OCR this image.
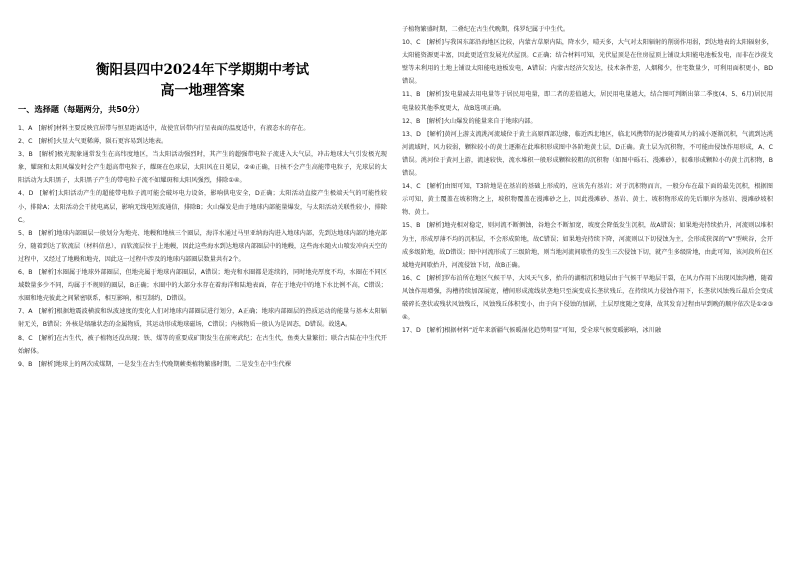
衡阳县四中2024年下学期期中考试
高一地理答案
一、选择题（每题两分，共50分）

1、A　[解析]材料主要反映宜居带与恒星距离适中，故使宜居带内行星表面的温度适中，有液态水的存在。

2、C　[解析]火星大气更稀薄，陨石更容易到达地表。

3、B　[解析]极光现象通常发生在高纬度地区，当太阳活动强烈时，其产生的超强带电粒子流进入大气层，冲击地球大气引发极光现象，耀斑和太阳风爆发时会产生超高带电粒子，耀斑在色球层，太阳风在日冕层，②④正确，日核不会产生高能带电粒子，光球层的太阳活动为太阳黑子，太阳黑子产生的带电粒子流不如耀斑和太阳风强烈，排除①④。

4、D　[解析]太阳活动产生的超能带电粒子流可能会破坏电力设备，影响供电安全，D正确；太阳活动直接产生极端天气的可能性较小，排除A；太阳活动会干扰电离层，影响无线电短波通信，排除B；火山爆发是由于地球内部能量爆发，与太阳活动关联性较小，排除C。

5、B　[解析]地球内部圈层一般划分为地壳、地幔和地核三个圈层，海洋水通过马里亚纳海沟进入地球内部，先到达地球内部的地壳部分，随着到达了软流层（材料信息），而软流层位于上地幔，因此这些海水到达地球内部圈层中的地幔，这些海水随火山喷发冲向天空的过程中，又经过了地幔和地壳，因此这一过程中涉及的地球内部圈层数量共有2个。

6、B　[解析]水圈属于地球外部圈层，但地壳属于地球内部圈层，A错误；地壳和水圈都是连续的，同时地壳厚度不均，水圈在不同区域数量多少不同，均属于不规则的圈层，B正确；水圈中的大部分水存在着海洋和陆地表面，存在于地壳中的地下水比例不高，C错误；水圈和地壳彼此之间紧密联系，相互影响，相互制约，D错误。

7、A　[解析]根据地震波横波和纵波速度的变化人们对地球内部圈层进行划分，A正确；地球内部圈层的热质运动的能量与基本太阳辐射无关，B错误；外核是熔融状态的金属物质，其运动形成地球磁场，C错误；内核物质一般认为是固态，D错误。故选A。

8、C　[解析]在古生代，被子植物还没出现；铁、煤等的重要成矿期发生在前寒武纪；在古生代，鱼类大量繁衍；联合古陆在中生代开始解体。

9、B　[解析]地球上的两次成煤期，一是发生在古生代晚期蕨类植物繁盛时期，二是发生在中生代裸

子植物繁盛时期，二叠纪在古生代晚期，侏罗纪属于中生代。

10、C　[解析]与我国东部沿海地区比较，内蒙古草原内陆，降水少，晴天多，大气对太阳辐射的削弱作用弱，到达地表的太阳辐射多，太阳能资源更丰富，因此更适宜发展光伏屋顶。C正确；结合材料可知，光伏屋顶是在住房屋顶上铺设太阳能电池板发电，而非在沙漠戈壁等未利用的土地上铺设太阳能电池板发电，A错误；内蒙古经济欠发达，技术条件差，人烟稀少，住宅数量少，可利用面积更小，BD错误。

11、B　[解析]发电量减去用电量等于居民用电量，即二者的差值越大，居民用电量越大，结合图可判断出第二季度(4、5、6月)居民用电量较其他季度更大，故B选项正确。

12、B　[解析]火山爆发的能量来自于地球内部。

13、D　[解析]黄河上游支流洮河流域位于黄土高原西部边缘，临近西北地区，临北风携带的泥沙随着风力的减小逐渐沉积，气流到达洮河流域时，风力较弱，颗粒较小的黄土逐渐在此堆积形成图中各阶地黄土层，D正确。黄土层为沉积物，不可能由侵蚀作用形成，A、C错误。洮河位于黄河上游，流速较快，流水堆积一般形成颗粒较粗的沉积物（如图中砾石、漫滩砂），很难形成颗粒小的黄土沉积物，B错误。

14、C　[解析]由图可知，T3阶地是在基岩的基础上形成的，应该先有基岩；对于沉积物而言，一般分布在最下面的最先沉积，根据图示可知，黄土覆盖在坡积物之上，坡积物覆盖在漫滩砂之上，因此漫滩砂、基岩、黄土、坡积物形成的先后顺序为基岩、漫滩砂坡积物、黄土。

15、B　[解析]地壳相对稳定，则河流不断侧蚀，谷地会不断加宽，坡度会降低发生沉积，故A错误；如果地壳持续抬升，河流则以堆积为主，形成厚薄不均的沉积层，不会形成阶地，故C错误；如果地壳持续下降，河流则以下切侵蚀为主，会形成狭深的“V”型峡谷，会开成多级阶地，故D错误；图中河流形成了三级阶地，则当地河流间歇性的发生三次侵蚀下切，就产生多级阶地，由此可知，该河段所在区域地壳间歇抬升，河流侵蚀下切，故B正确。

16、C　[解析]罗布泊所在地区气候干旱，大风天气多，抬升的湖相沉积地层由于气候干旱地层干裂，在风力作用下出现风蚀沟槽，随着风蚀作用增强，沟槽持续加深展宽，槽间形成流线状垄地只至演变成长垄状残丘，在持续风力侵蚀作用下，长垄状风蚀残丘最后会变成破碎长垄状或残状风蚀残丘，风蚀残丘体积变小，由于向下侵蚀的加剧，土层厚度随之变薄，故其发育过程由早到晚的顺序依次是①②③④。

17、D　[解析]根据材料“近年来新疆气候暖湿化趋势明显”可知，受全球气候变暖影响，冰川融
